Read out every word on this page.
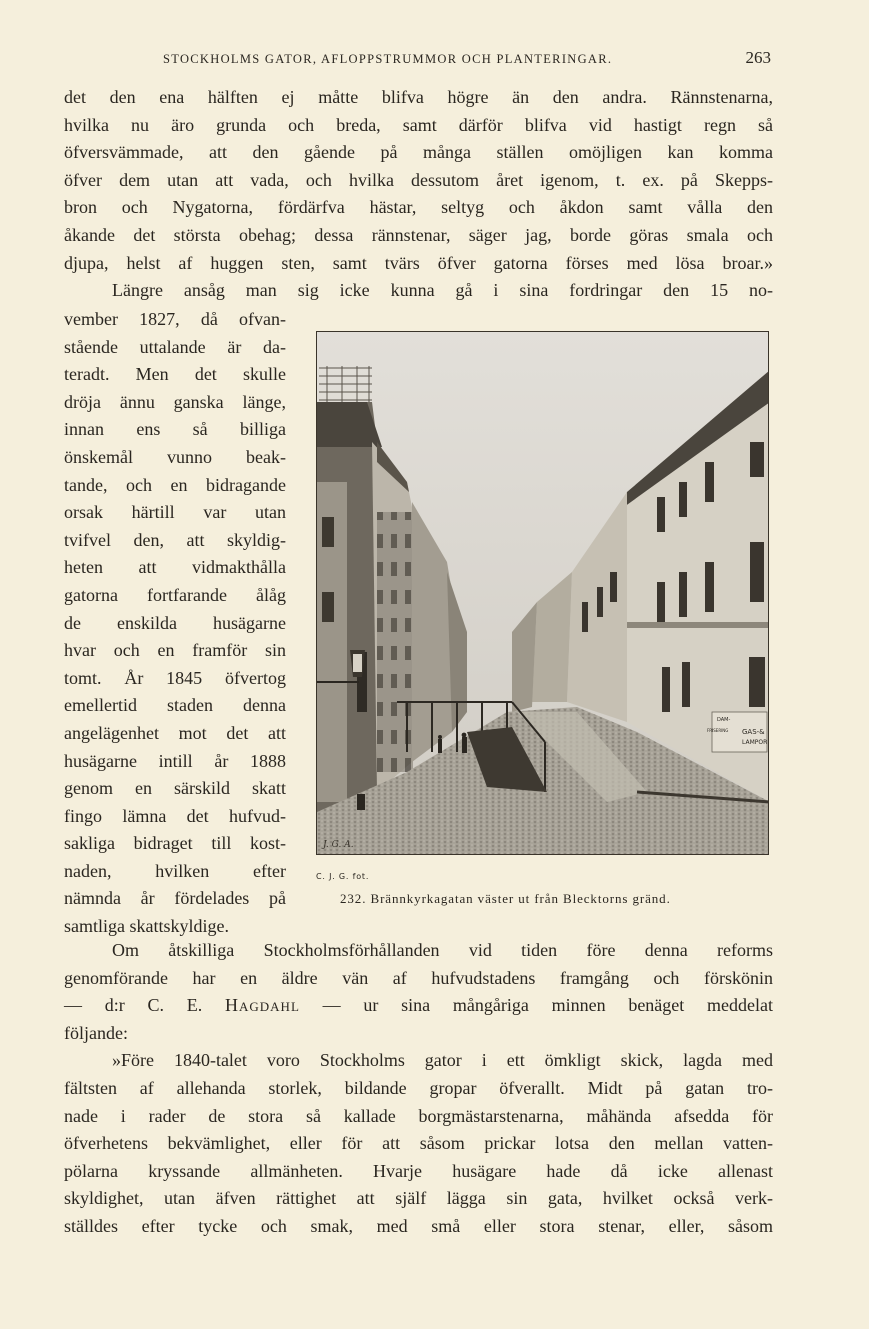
STOCKHOLMS GATOR, AFLOPPSTRUMMOR OCH PLANTERINGAR.	263
det den ena hälften ej måtte blifva högre än den andra. Rännstenarna,
hvilka nu äro grunda och breda, samt därför blifva vid hastigt regn så
öfversvämmade, att den gående på många ställen omöjligen kan komma
öfver dem utan att vada, och hvilka dessutom året igenom, t. ex. på Skepps-
bron och Nygatorna, fördärfva hästar, seltyg och åkdon samt vålla den
åkande det största obehag; dessa rännstenar, säger jag, borde göras smala och
djupa, helst af huggen sten, samt tvärs öfver gatorna förses med lösa broar.»
Längre ansåg man sig icke kunna gå i sina fordringar den 15 no-
vember 1827, då ofvan-
stående uttalande är da-
teradt. Men det skulle
dröja ännu ganska länge,
innan ens så billiga
önskemål vunno beak-
tande, och en bidragande
orsak härtill var utan
tvifvel den, att skyldig-
heten att vidmakthålla
gatorna fortfarande ålåg
de enskilda husägarne
hvar och en framför sin
tomt. År 1845 öfvertog
emellertid staden denna
angelägenhet mot det att
husägarne intill år 1888
genom en särskild skatt
fingo lämna det hufvud-
sakliga bidraget till kost-
naden, hvilken efter
nämnda år fördelades på
samtliga skattskyldige.
DAM-
FRISERING GAS-&
LAMPOR
J. G. A.
C. J. G. fot.
232. Brännkyrkagatan väster ut från Blecktorns gränd.
Om åtskilliga Stockholmsförhållanden vid tiden före denna reforms
genomförande har en äldre vän af hufvudstadens framgång och förskönin
— d:r C. E. Hagdahl — ur sina mångåriga minnen benäget meddelat
följande:
»Före 1840-talet voro Stockholms gator i ett ömkligt skick, lagda med
fältsten af allehanda storlek, bildande gropar öfverallt. Midt på gatan tro-
nade i rader de stora så kallade borgmästarstenarna, måhända afsedda för
öfverhetens bekvämlighet, eller för att såsom prickar lotsa den mellan vatten-
pölarna kryssande allmänheten. Hvarje husägare hade då icke allenast
skyldighet, utan äfven rättighet att själf lägga sin gata, hvilket också verk-
ställdes efter tycke och smak, med små eller stora stenar, eller, såsom
